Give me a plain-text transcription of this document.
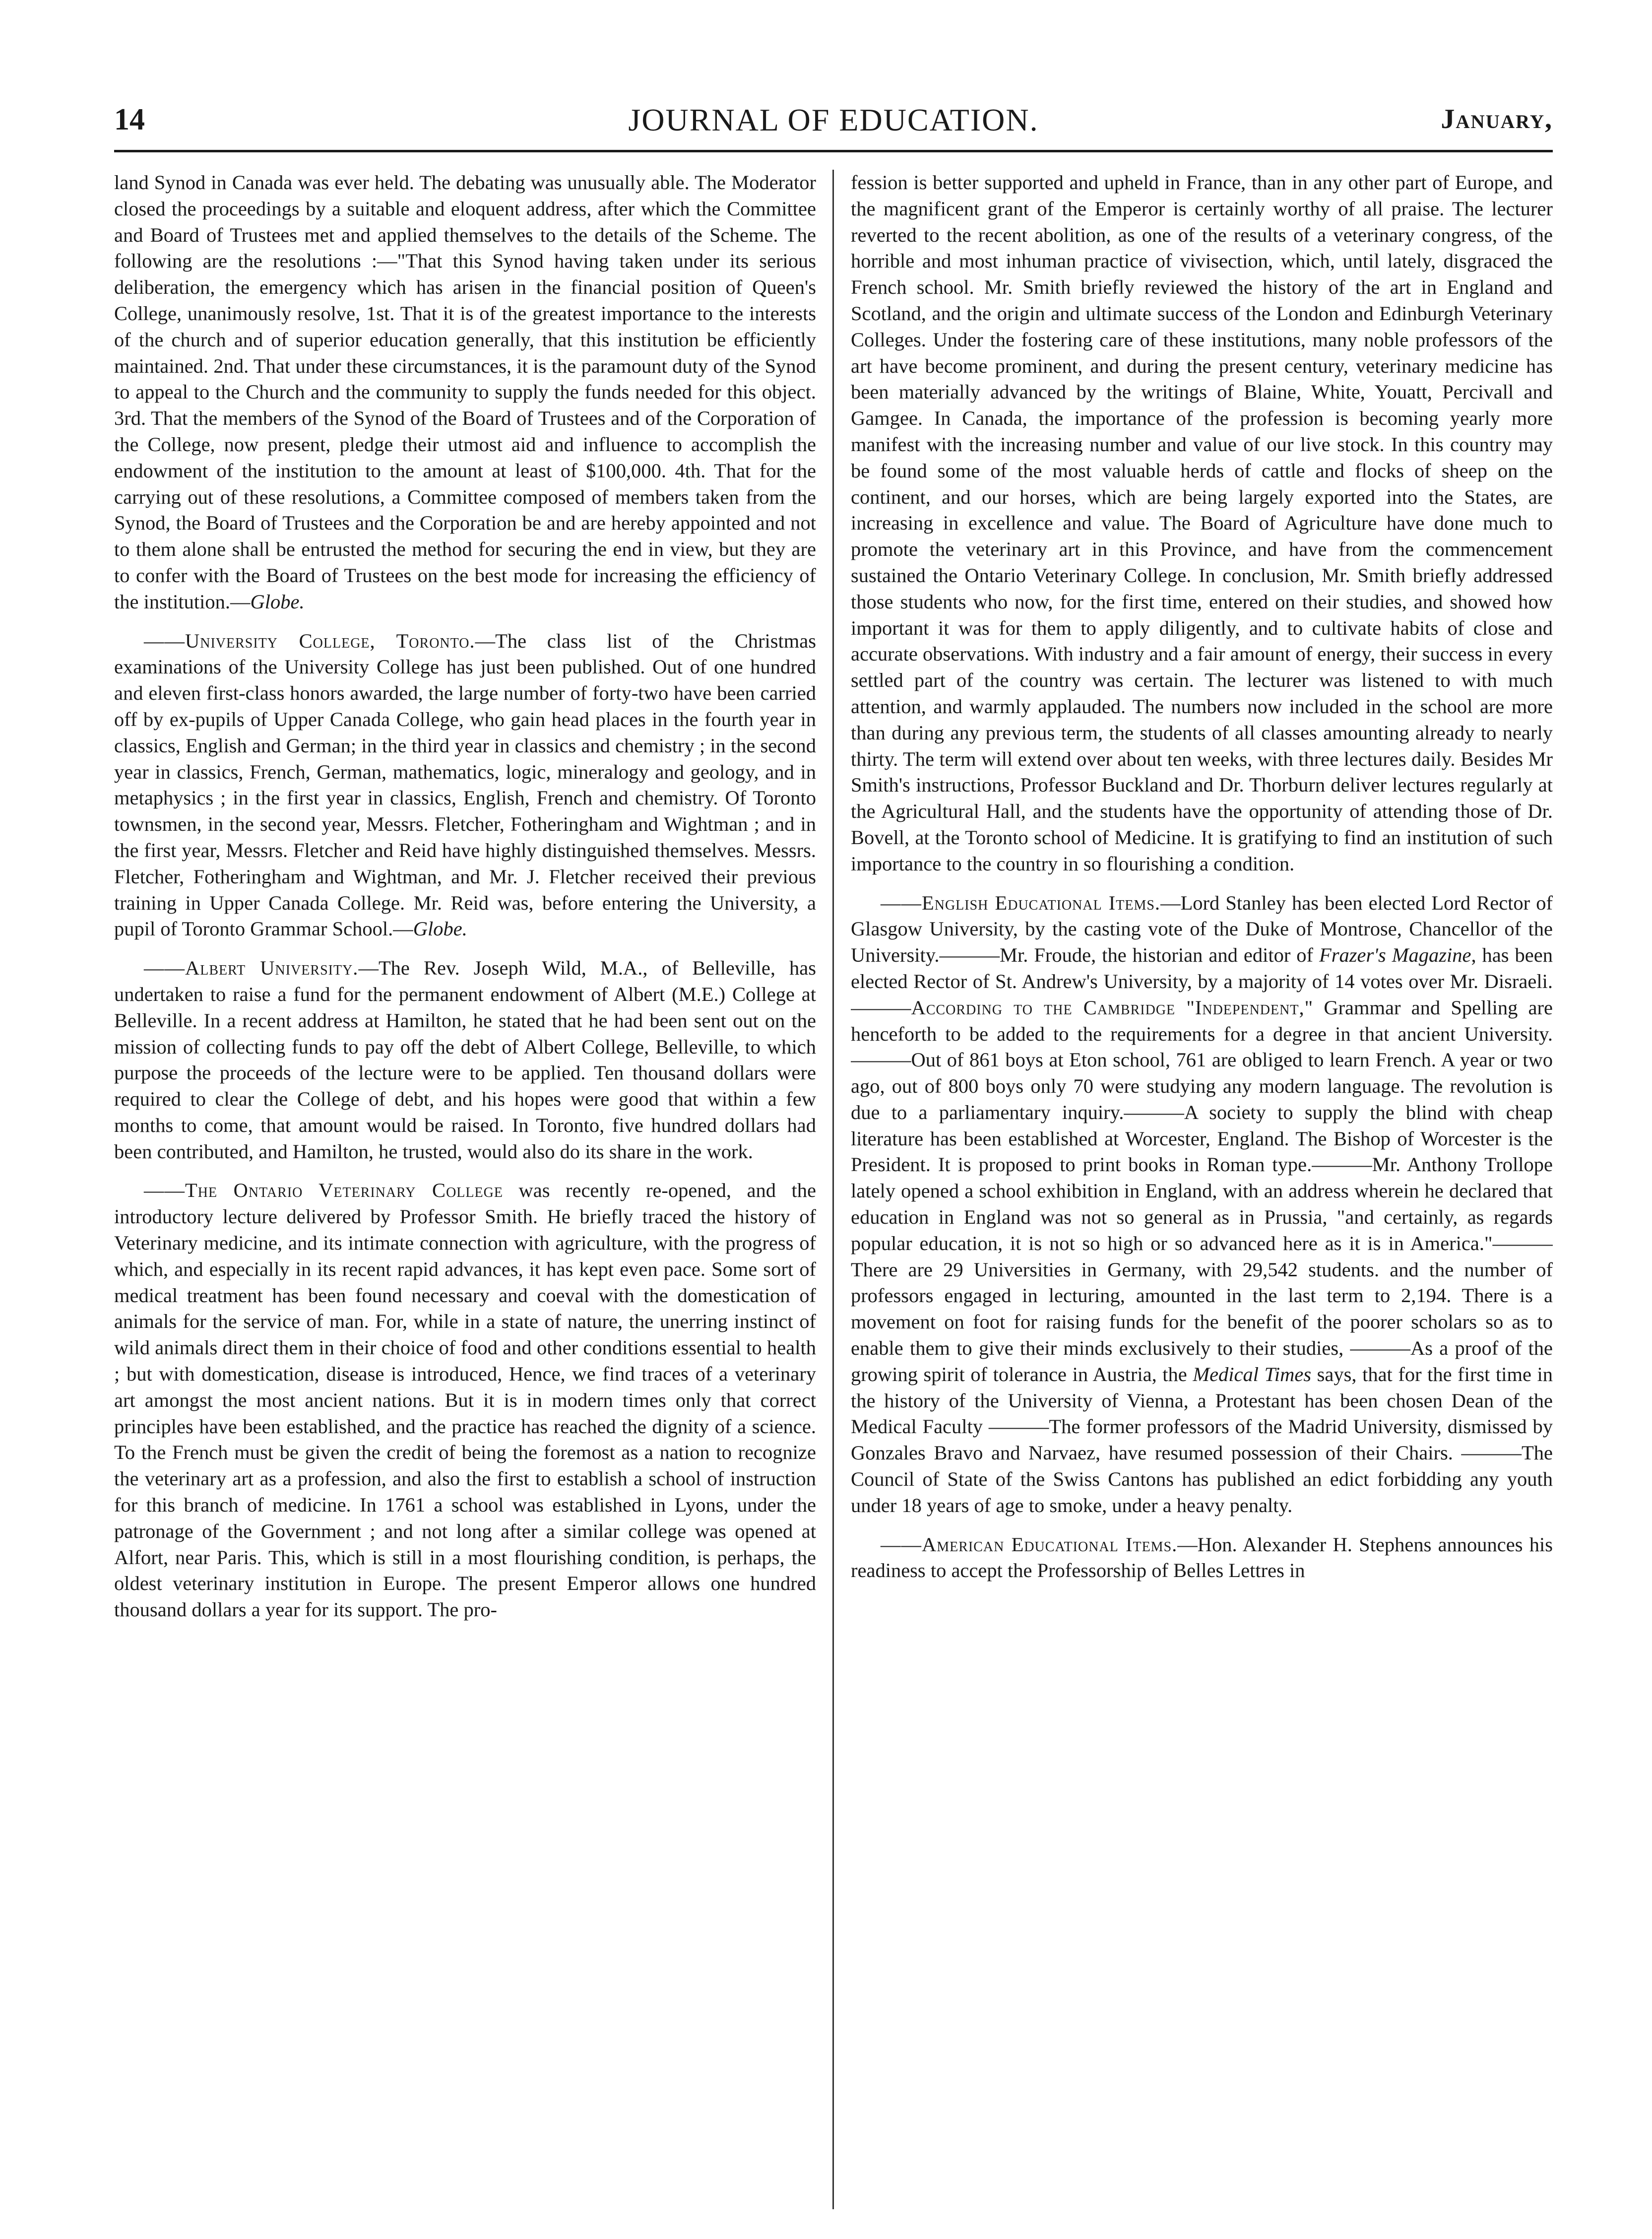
14	JOURNAL OF EDUCATION.	January,

land Synod in Canada was ever held. The debating was unusually able. The Moderator closed the proceedings by a suitable and eloquent address, after which the Committee and Board of Trustees met and applied themselves to the details of the Scheme. The following are the resolutions :—"That this Synod having taken under its serious deliberation, the emergency which has arisen in the financial position of Queen's College, unanimously resolve, 1st. That it is of the greatest importance to the interests of the church and of superior education generally, that this institution be efficiently maintained. 2nd. That under these circumstances, it is the paramount duty of the Synod to appeal to the Church and the community to supply the funds needed for this object. 3rd. That the members of the Synod of the Board of Trustees and of the Corporation of the College, now present, pledge their utmost aid and influence to accomplish the endowment of the institution to the amount at least of $100,000. 4th. That for the carrying out of these resolutions, a Committee composed of members taken from the Synod, the Board of Trustees and the Corporation be and are hereby appointed and not to them alone shall be entrusted the method for securing the end in view, but they are to confer with the Board of Trustees on the best mode for increasing the efficiency of the institution.—Globe.

——University College, Toronto.—The class list of the Christmas examinations of the University College has just been published. Out of one hundred and eleven first-class honors awarded, the large number of forty-two have been carried off by ex-pupils of Upper Canada College, who gain head places in the fourth year in classics, English and German; in the third year in classics and chemistry ; in the second year in classics, French, German, mathematics, logic, mineralogy and geology, and in metaphysics ; in the first year in classics, English, French and chemistry. Of Toronto townsmen, in the second year, Messrs. Fletcher, Fotheringham and Wightman ; and in the first year, Messrs. Fletcher and Reid have highly distinguished themselves. Messrs. Fletcher, Fotheringham and Wightman, and Mr. J. Fletcher received their previous training in Upper Canada College. Mr. Reid was, before entering the University, a pupil of Toronto Grammar School.—Globe.

——Albert University.—The Rev. Joseph Wild, M.A., of Belleville, has undertaken to raise a fund for the permanent endowment of Albert (M.E.) College at Belleville. In a recent address at Hamilton, he stated that he had been sent out on the mission of collecting funds to pay off the debt of Albert College, Belleville, to which purpose the proceeds of the lecture were to be applied. Ten thousand dollars were required to clear the College of debt, and his hopes were good that within a few months to come, that amount would be raised. In Toronto, five hundred dollars had been contributed, and Hamilton, he trusted, would also do its share in the work.

——The Ontario Veterinary College was recently re-opened, and the introductory lecture delivered by Professor Smith. He briefly traced the history of Veterinary medicine, and its intimate connection with agriculture, with the progress of which, and especially in its recent rapid advances, it has kept even pace. Some sort of medical treatment has been found necessary and coeval with the domestication of animals for the service of man. For, while in a state of nature, the unerring instinct of wild animals direct them in their choice of food and other conditions essential to health ; but with domestication, disease is introduced, Hence, we find traces of a veterinary art amongst the most ancient nations. But it is in modern times only that correct principles have been established, and the practice has reached the dignity of a science. To the French must be given the credit of being the foremost as a nation to recognize the veterinary art as a profession, and also the first to establish a school of instruction for this branch of medicine. In 1761 a school was established in Lyons, under the patronage of the Government ; and not long after a similar college was opened at Alfort, near Paris. This, which is still in a most flourishing condition, is perhaps, the oldest veterinary institution in Europe. The present Emperor allows one hundred thousand dollars a year for its support. The pro-

fession is better supported and upheld in France, than in any other part of Europe, and the magnificent grant of the Emperor is certainly worthy of all praise. The lecturer reverted to the recent abolition, as one of the results of a veterinary congress, of the horrible and most inhuman practice of vivisection, which, until lately, disgraced the French school. Mr. Smith briefly reviewed the history of the art in England and Scotland, and the origin and ultimate success of the London and Edinburgh Veterinary Colleges. Under the fostering care of these institutions, many noble professors of the art have become prominent, and during the present century, veterinary medicine has been materially advanced by the writings of Blaine, White, Youatt, Percivall and Gamgee. In Canada, the importance of the profession is becoming yearly more manifest with the increasing number and value of our live stock. In this country may be found some of the most valuable herds of cattle and flocks of sheep on the continent, and our horses, which are being largely exported into the States, are increasing in excellence and value. The Board of Agriculture have done much to promote the veterinary art in this Province, and have from the commencement sustained the Ontario Veterinary College. In conclusion, Mr. Smith briefly addressed those students who now, for the first time, entered on their studies, and showed how important it was for them to apply diligently, and to cultivate habits of close and accurate observations. With industry and a fair amount of energy, their success in every settled part of the country was certain. The lecturer was listened to with much attention, and warmly applauded. The numbers now included in the school are more than during any previous term, the students of all classes amounting already to nearly thirty. The term will extend over about ten weeks, with three lectures daily. Besides Mr Smith's instructions, Professor Buckland and Dr. Thorburn deliver lectures regularly at the Agricultural Hall, and the students have the opportunity of attending those of Dr. Bovell, at the Toronto school of Medicine. It is gratifying to find an institution of such importance to the country in so flourishing a condition.

——English Educational Items.—Lord Stanley has been elected Lord Rector of Glasgow University, by the casting vote of the Duke of Montrose, Chancellor of the University.———Mr. Froude, the historian and editor of Frazer's Magazine, has been elected Rector of St. Andrew's University, by a majority of 14 votes over Mr. Disraeli.———According to the Cambridge "Independent," Grammar and Spelling are henceforth to be added to the requirements for a degree in that ancient University.———Out of 861 boys at Eton school, 761 are obliged to learn French. A year or two ago, out of 800 boys only 70 were studying any modern language. The revolution is due to a parliamentary inquiry.———A society to supply the blind with cheap literature has been established at Worcester, England. The Bishop of Worcester is the President. It is proposed to print books in Roman type.———Mr. Anthony Trollope lately opened a school exhibition in England, with an address wherein he declared that education in England was not so general as in Prussia, "and certainly, as regards popular education, it is not so high or so advanced here as it is in America."———There are 29 Universities in Germany, with 29,542 students. and the number of professors engaged in lecturing, amounted in the last term to 2,194. There is a movement on foot for raising funds for the benefit of the poorer scholars so as to enable them to give their minds exclusively to their studies, ———As a proof of the growing spirit of tolerance in Austria, the Medical Times says, that for the first time in the history of the University of Vienna, a Protestant has been chosen Dean of the Medical Faculty ———The former professors of the Madrid University, dismissed by Gonzales Bravo and Narvaez, have resumed possession of their Chairs. ———The Council of State of the Swiss Cantons has published an edict forbidding any youth under 18 years of age to smoke, under a heavy penalty.

——American Educational Items.—Hon. Alexander H. Stephens announces his readiness to accept the Professorship of Belles Lettres in
